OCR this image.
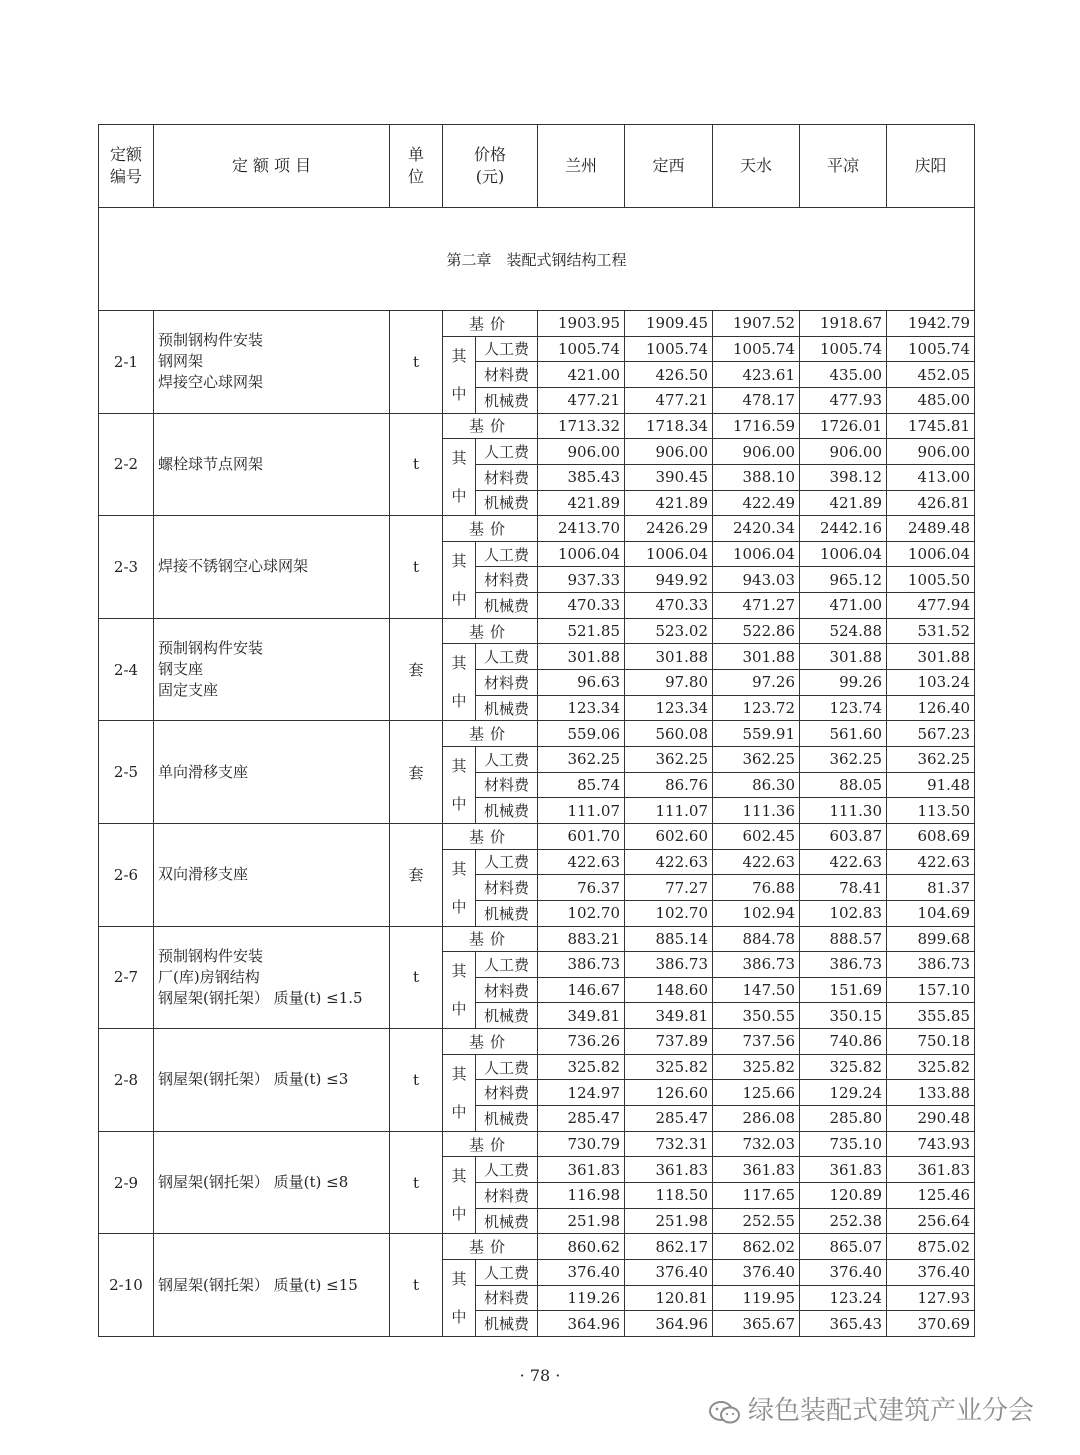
定额
编号	定 额 项 目	单
位	价格
(元)		兰州	定西	天水	平凉	庆阳
第二章　装配式钢结构工程									
2-1	预制钢构件安装
钢网架
焊接空心球网架	t	基价		1903.95	1909.45	1907.52	1918.67	1942.79
			其
中	人工费	1005.74	1005.74	1005.74	1005.74	1005.74
				材料费	421.00	426.50	423.61	435.00	452.05
				机械费	477.21	477.21	478.17	477.93	485.00
2-2	螺栓球节点网架	t	基价		1713.32	1718.34	1716.59	1726.01	1745.81
			其
中	人工费	906.00	906.00	906.00	906.00	906.00
				材料费	385.43	390.45	388.10	398.12	413.00
				机械费	421.89	421.89	422.49	421.89	426.81
2-3	焊接不锈钢空心球网架	t	基价		2413.70	2426.29	2420.34	2442.16	2489.48
			其
中	人工费	1006.04	1006.04	1006.04	1006.04	1006.04
				材料费	937.33	949.92	943.03	965.12	1005.50
				机械费	470.33	470.33	471.27	471.00	477.94
2-4	预制钢构件安装
钢支座
固定支座	套	基价		521.85	523.02	522.86	524.88	531.52
			其
中	人工费	301.88	301.88	301.88	301.88	301.88
				材料费	96.63	97.80	97.26	99.26	103.24
				机械费	123.34	123.34	123.72	123.74	126.40
2-5	单向滑移支座	套	基价		559.06	560.08	559.91	561.60	567.23
			其
中	人工费	362.25	362.25	362.25	362.25	362.25
				材料费	85.74	86.76	86.30	88.05	91.48
				机械费	111.07	111.07	111.36	111.30	113.50
2-6	双向滑移支座	套	基价		601.70	602.60	602.45	603.87	608.69
			其
中	人工费	422.63	422.63	422.63	422.63	422.63
				材料费	76.37	77.27	76.88	78.41	81.37
				机械费	102.70	102.70	102.94	102.83	104.69
2-7	预制钢构件安装
厂(库)房钢结构
钢屋架(钢托架） 质量(t) ≤1.5	t	基价		883.21	885.14	884.78	888.57	899.68
			其
中	人工费	386.73	386.73	386.73	386.73	386.73
				材料费	146.67	148.60	147.50	151.69	157.10
				机械费	349.81	349.81	350.55	350.15	355.85
2-8	钢屋架(钢托架） 质量(t) ≤3	t	基价		736.26	737.89	737.56	740.86	750.18
			其
中	人工费	325.82	325.82	325.82	325.82	325.82
				材料费	124.97	126.60	125.66	129.24	133.88
				机械费	285.47	285.47	286.08	285.80	290.48
2-9	钢屋架(钢托架） 质量(t) ≤8	t	基价		730.79	732.31	732.03	735.10	743.93
			其
中	人工费	361.83	361.83	361.83	361.83	361.83
				材料费	116.98	118.50	117.65	120.89	125.46
				机械费	251.98	251.98	252.55	252.38	256.64
2-10	钢屋架(钢托架） 质量(t) ≤15	t	基价		860.62	862.17	862.02	865.07	875.02
			其
中	人工费	376.40	376.40	376.40	376.40	376.40
				材料费	119.26	120.81	119.95	123.24	127.93
				机械费	364.96	364.96	365.67	365.43	370.69
· 78 ·
绿色装配式建筑产业分会
